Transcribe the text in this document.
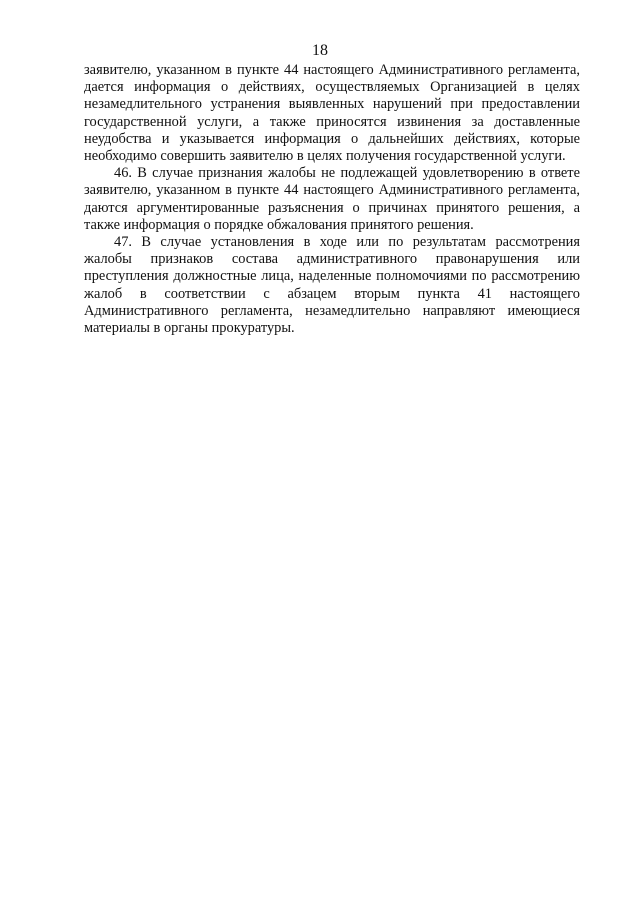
18
заявителю, указанном в пункте 44 настоящего Административного регламента,
дается информация о действиях, осуществляемых Организацией в целях
незамедлительного устранения выявленных нарушений при предоставлении
государственной услуги, а также приносятся извинения за доставленные
неудобства и указывается информация о дальнейших действиях, которые
необходимо совершить заявителю в целях получения государственной услуги.
46. В случае признания жалобы не подлежащей удовлетворению в ответе
заявителю, указанном в пункте 44 настоящего Административного регламента,
даются аргументированные разъяснения о причинах принятого решения, а
также информация о порядке обжалования принятого решения.
47. В случае установления в ходе или по результатам рассмотрения
жалобы признаков состава административного правонарушения или
преступления должностные лица, наделенные полномочиями по рассмотрению
жалоб в соответствии с абзацем вторым пункта 41 настоящего
Административного регламента, незамедлительно направляют имеющиеся
материалы в органы прокуратуры.
